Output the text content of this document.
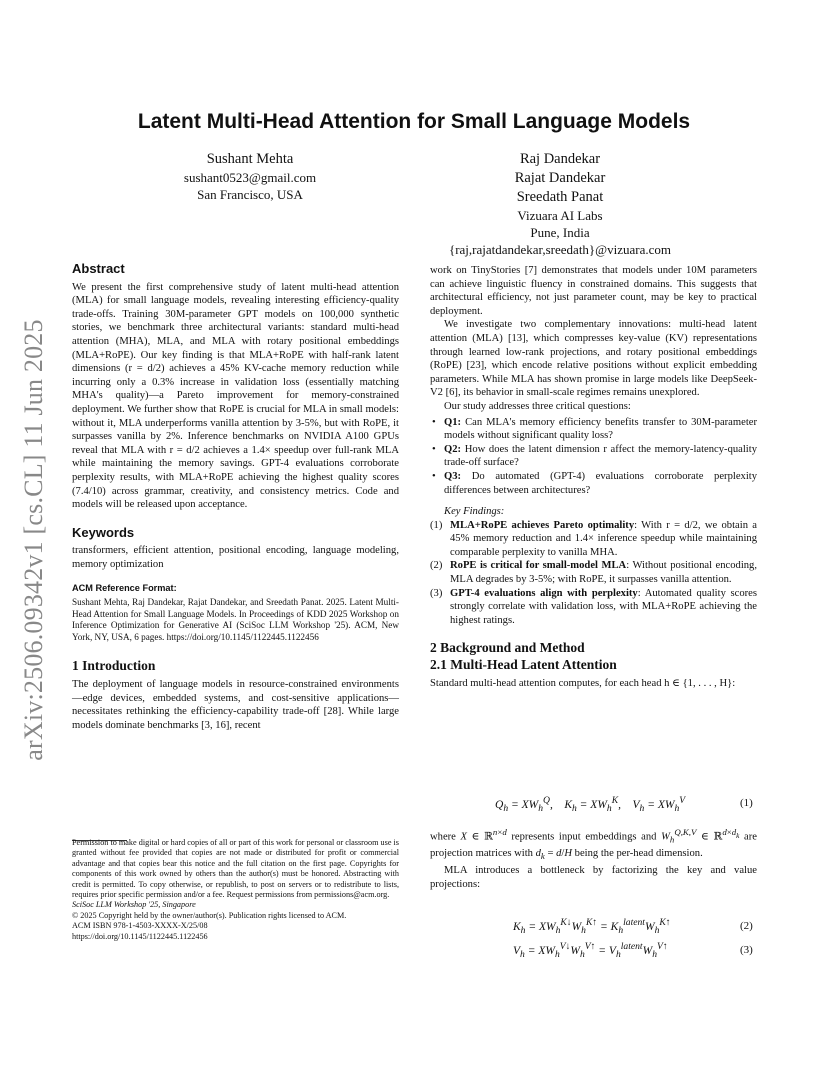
arXiv:2506.09342v1 [cs.CL] 11 Jun 2025
Latent Multi-Head Attention for Small Language Models
Sushant Mehta
sushant0523@gmail.com
San Francisco, USA
Raj Dandekar
Rajat Dandekar
Sreedath Panat
Vizuara AI Labs
Pune, India
{raj,rajatdandekar,sreedath}@vizuara.com
Abstract

We present the first comprehensive study of latent multi-head attention (MLA) for small language models, revealing interesting efficiency-quality trade-offs. Training 30M-parameter GPT models on 100,000 synthetic stories, we benchmark three architectural variants: standard multi-head attention (MHA), MLA, and MLA with rotary positional embeddings (MLA+RoPE). Our key finding is that MLA+RoPE with half-rank latent dimensions (r = d/2) achieves a 45% KV-cache memory reduction while incurring only a 0.3% increase in validation loss (essentially matching MHA's quality)—a Pareto improvement for memory-constrained deployment. We further show that RoPE is crucial for MLA in small models: without it, MLA underperforms vanilla attention by 3-5%, but with RoPE, it surpasses vanilla by 2%. Inference benchmarks on NVIDIA A100 GPUs reveal that MLA with r = d/2 achieves a 1.4× speedup over full-rank MLA while maintaining the memory savings. GPT-4 evaluations corroborate perplexity results, with MLA+RoPE achieving the highest quality scores (7.4/10) across grammar, creativity, and consistency metrics. Code and models will be released upon acceptance.

Keywords

transformers, efficient attention, positional encoding, language modeling, memory optimization

ACM Reference Format:

Sushant Mehta, Raj Dandekar, Rajat Dandekar, and Sreedath Panat. 2025. Latent Multi-Head Attention for Small Language Models. In Proceedings of KDD 2025 Workshop on Inference Optimization for Generative AI (SciSoc LLM Workshop '25). ACM, New York, NY, USA, 6 pages. https://doi.org/10.1145/1122445.1122456

1 Introduction

The deployment of language models in resource-constrained environments—edge devices, embedded systems, and cost-sensitive applications—necessitates rethinking the efficiency-capability trade-off [28]. While large models dominate benchmarks [3, 16], recent

Permission to make digital or hard copies of all or part of this work for personal or classroom use is granted without fee provided that copies are not made or distributed for profit or commercial advantage and that copies bear this notice and the full citation on the first page. Copyrights for components of this work owned by others than the author(s) must be honored. Abstracting with credit is permitted. To copy otherwise, or republish, to post on servers or to redistribute to lists, requires prior specific permission and/or a fee. Request permissions from permissions@acm.org.

SciSoc LLM Workshop '25, Singapore

© 2025 Copyright held by the owner/author(s). Publication rights licensed to ACM.

ACM ISBN 978-1-4503-XXXX-X/25/08

https://doi.org/10.1145/1122445.1122456

work on TinyStories [7] demonstrates that models under 10M parameters can achieve linguistic fluency in constrained domains. This suggests that architectural efficiency, not just parameter count, may be key to practical deployment.

We investigate two complementary innovations: multi-head latent attention (MLA) [13], which compresses key-value (KV) representations through learned low-rank projections, and rotary positional embeddings (RoPE) [23], which encode relative positions without explicit embedding parameters. While MLA has shown promise in large models like DeepSeek-V2 [6], its behavior in small-scale regimes remains unexplored.

Our study addresses three critical questions:

• Q1: Can MLA's memory efficiency benefits transfer to 30M-parameter models without significant quality loss?
• Q2: How does the latent dimension r affect the memory-latency-quality trade-off surface?
• Q3: Do automated (GPT-4) evaluations corroborate perplexity differences between architectures?

Key Findings:

(1) MLA+RoPE achieves Pareto optimality: With r = d/2, we obtain a 45% memory reduction and 1.4× inference speedup while maintaining comparable perplexity to vanilla MHA.
(2) RoPE is critical for small-model MLA: Without positional encoding, MLA degrades by 3-5%; with RoPE, it surpasses vanilla attention.
(3) GPT-4 evaluations align with perplexity: Automated quality scores strongly correlate with validation loss, with MLA+RoPE achieving the highest ratings.
2 Background and Method
2.1 Multi-Head Latent Attention

Standard multi-head attention computes, for each head h ∈ {1, . . . , H}:

$Q_h = XW_h^Q$,    $K_h = XW_h^K$,    $V_h = XW_h^V$	(1)

where X ∈ ℝ$^{n\times d}$ represents input embeddings and $W_h^{Q,K,V}$ ∈ ℝ$^{d\times d_k}$ are projection matrices with $d_k = d/H$ being the per-head dimension.

MLA introduces a bottleneck by factorizing the key and value projections:

$K_h = XW_h^{K↓}W_h^{K↑} = K_h^{latent}W_h^{K↑}$	(2)
$V_h = XW_h^{V↓}W_h^{V↑} = V_h^{latent}W_h^{V↑}$	(3)
